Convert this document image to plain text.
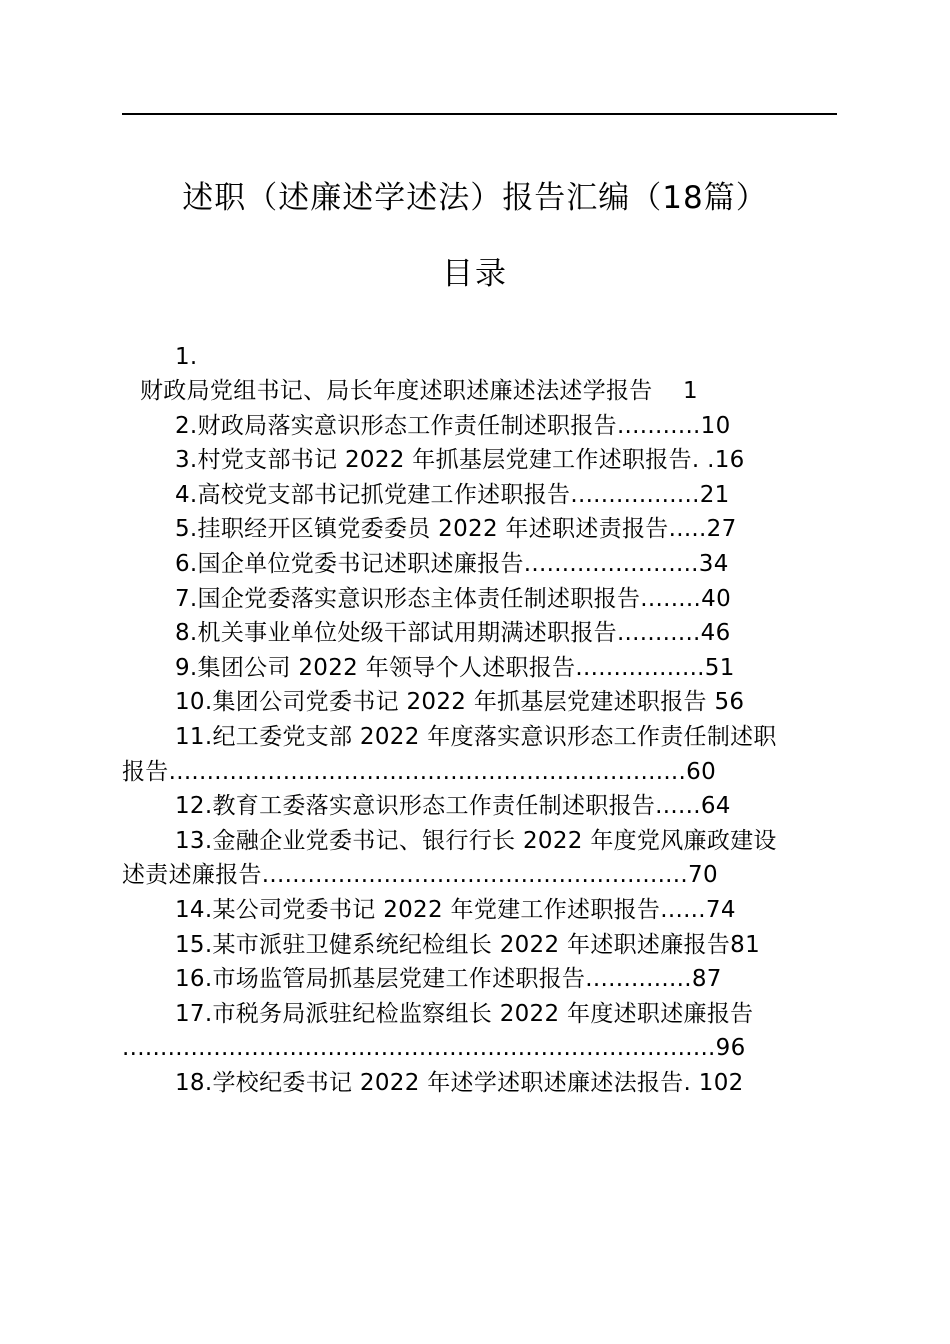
述职（述廉述学述法）报告汇编（18篇）
目录
1.
财政局党组书记、局长年度述职述廉述法述学报告    1
2.财政局落实意识形态工作责任制述职报告...........10
3.村党支部书记 2022 年抓基层党建工作述职报告. .16
4.高校党支部书记抓党建工作述职报告.................21
5.挂职经开区镇党委委员 2022 年述职述责报告.....27
6.国企单位党委书记述职述廉报告.......................34
7.国企党委落实意识形态主体责任制述职报告........40
8.机关事业单位处级干部试用期满述职报告...........46
9.集团公司 2022 年领导个人述职报告.................51
10.集团公司党委书记 2022 年抓基层党建述职报告 56
11.纪工委党支部 2022 年度落实意识形态工作责任制述职
报告....................................................................60
12.教育工委落实意识形态工作责任制述职报告......64
13.金融企业党委书记、银行行长 2022 年度党风廉政建设
述责述廉报告........................................................70
14.某公司党委书记 2022 年党建工作述职报告......74
15.某市派驻卫健系统纪检组长 2022 年述职述廉报告81
16.市场监管局抓基层党建工作述职报告..............87
17.市税务局派驻纪检监察组长 2022 年度述职述廉报告
..............................................................................96
18.学校纪委书记 2022 年述学述职述廉述法报告. 102
